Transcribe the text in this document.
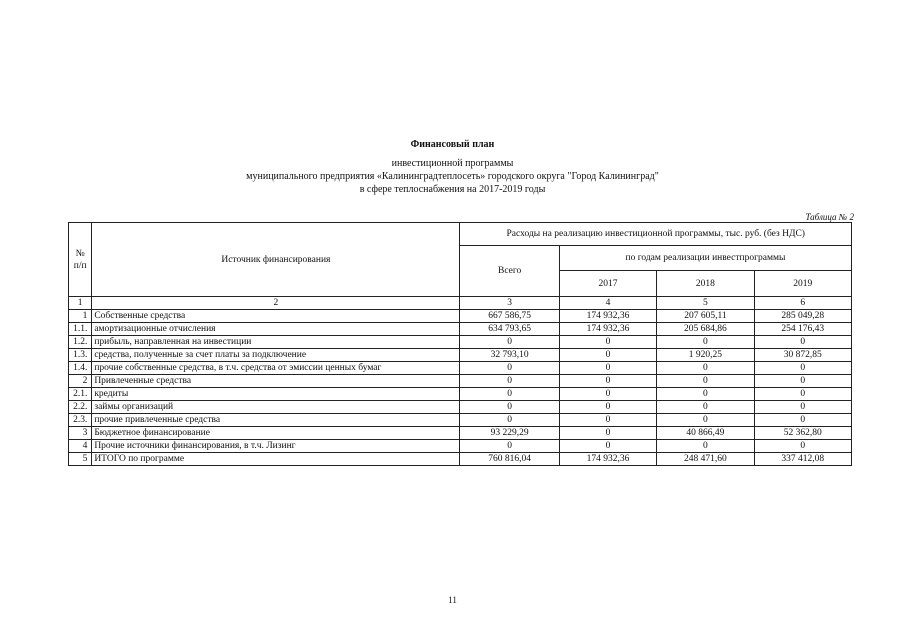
Финансовый план
инвестиционной программы
муниципального предприятия «Калининградтеплосеть» городского округа "Город Калининград"
в сфере теплоснабжения на 2017-2019 годы
Таблица № 2
№ п/п	Источник финансирования	Расходы на реализацию инвестиционной программы, тыс. руб. (без НДС)			
		Всего	по годам реализации инвестпрограммы		
			2017	2018	2019
1	2	3	4	5	6
1	Собственные средства	667 586,75	174 932,36	207 605,11	285 049,28
1.1.	амортизационные отчисления	634 793,65	174 932,36	205 684,86	254 176,43
1.2.	прибыль, направленная на инвестиции	0	0	0	0
1.3.	средства, полученные за счет платы за подключение	32 793,10	0	1 920,25	30 872,85
1.4.	прочие собственные средства, в т.ч. средства от эмиссии ценных бумаг	0	0	0	0
2	Привлеченные средства	0	0	0	0
2.1.	кредиты	0	0	0	0
2.2.	займы организаций	0	0	0	0
2.3.	прочие привлеченные средства	0	0	0	0
3	Бюджетное финансирование	93 229,29	0	40 866,49	52 362,80
4	Прочие источники финансирования, в т.ч. Лизинг	0	0	0	0
5	ИТОГО по программе	760 816,04	174 932,36	248 471,60	337 412,08
11
